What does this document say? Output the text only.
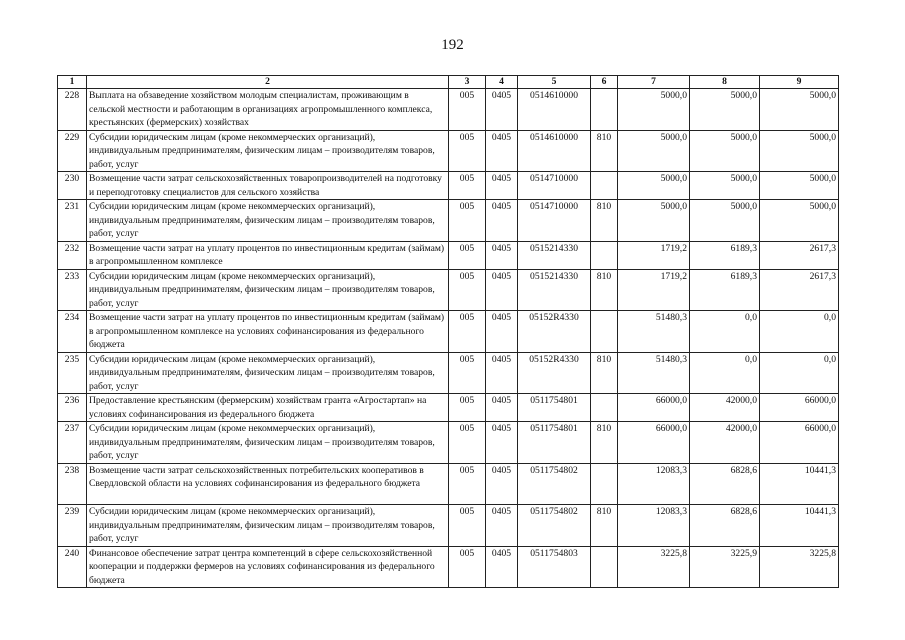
192
1	2	3	4	5	6	7	8	9
228	Выплата на обзаведение хозяйством молодым специалистам, проживающим в сельской местности и работающим в организациях агропромышленного комплекса, крестьянских (фермерских) хозяйствах	005	0405	0514610000		5000,0	5000,0	5000,0
229	Субсидии юридическим лицам (кроме некоммерческих организаций), индивидуальным предпринимателям, физическим лицам – производителям товаров, работ, услуг	005	0405	0514610000	810	5000,0	5000,0	5000,0
230	Возмещение части затрат сельскохозяйственных товаропроизводителей на подготовку и переподготовку специалистов для сельского хозяйства	005	0405	0514710000		5000,0	5000,0	5000,0
231	Субсидии юридическим лицам (кроме некоммерческих организаций), индивидуальным предпринимателям, физическим лицам – производителям товаров, работ, услуг	005	0405	0514710000	810	5000,0	5000,0	5000,0
232	Возмещение части затрат на уплату процентов по инвестиционным кредитам (займам) в агропромышленном комплексе	005	0405	0515214330		1719,2	6189,3	2617,3
233	Субсидии юридическим лицам (кроме некоммерческих организаций), индивидуальным предпринимателям, физическим лицам – производителям товаров, работ, услуг	005	0405	0515214330	810	1719,2	6189,3	2617,3
234	Возмещение части затрат на уплату процентов по инвестиционным кредитам (займам) в агропромышленном комплексе на условиях софинансирования из федерального бюджета	005	0405	05152R4330		51480,3	0,0	0,0
235	Субсидии юридическим лицам (кроме некоммерческих организаций), индивидуальным предпринимателям, физическим лицам – производителям товаров, работ, услуг	005	0405	05152R4330	810	51480,3	0,0	0,0
236	Предоставление крестьянским (фермерским) хозяйствам гранта «Агростартап» на условиях софинансирования из федерального бюджета	005	0405	0511754801		66000,0	42000,0	66000,0
237	Субсидии юридическим лицам (кроме некоммерческих организаций), индивидуальным предпринимателям, физическим лицам – производителям товаров, работ, услуг	005	0405	0511754801	810	66000,0	42000,0	66000,0
238	Возмещение части затрат сельскохозяйственных потребительских кооперативов в Свердловской области на условиях софинансирования из федерального бюджета	005	0405	0511754802		12083,3	6828,6	10441,3
239	Субсидии юридическим лицам (кроме некоммерческих организаций), индивидуальным предпринимателям, физическим лицам – производителям товаров, работ, услуг	005	0405	0511754802	810	12083,3	6828,6	10441,3
240	Финансовое обеспечение затрат центра компетенций в сфере сельскохозяйственной кооперации и поддержки фермеров на условиях софинансирования из федерального бюджета	005	0405	0511754803		3225,8	3225,9	3225,8
